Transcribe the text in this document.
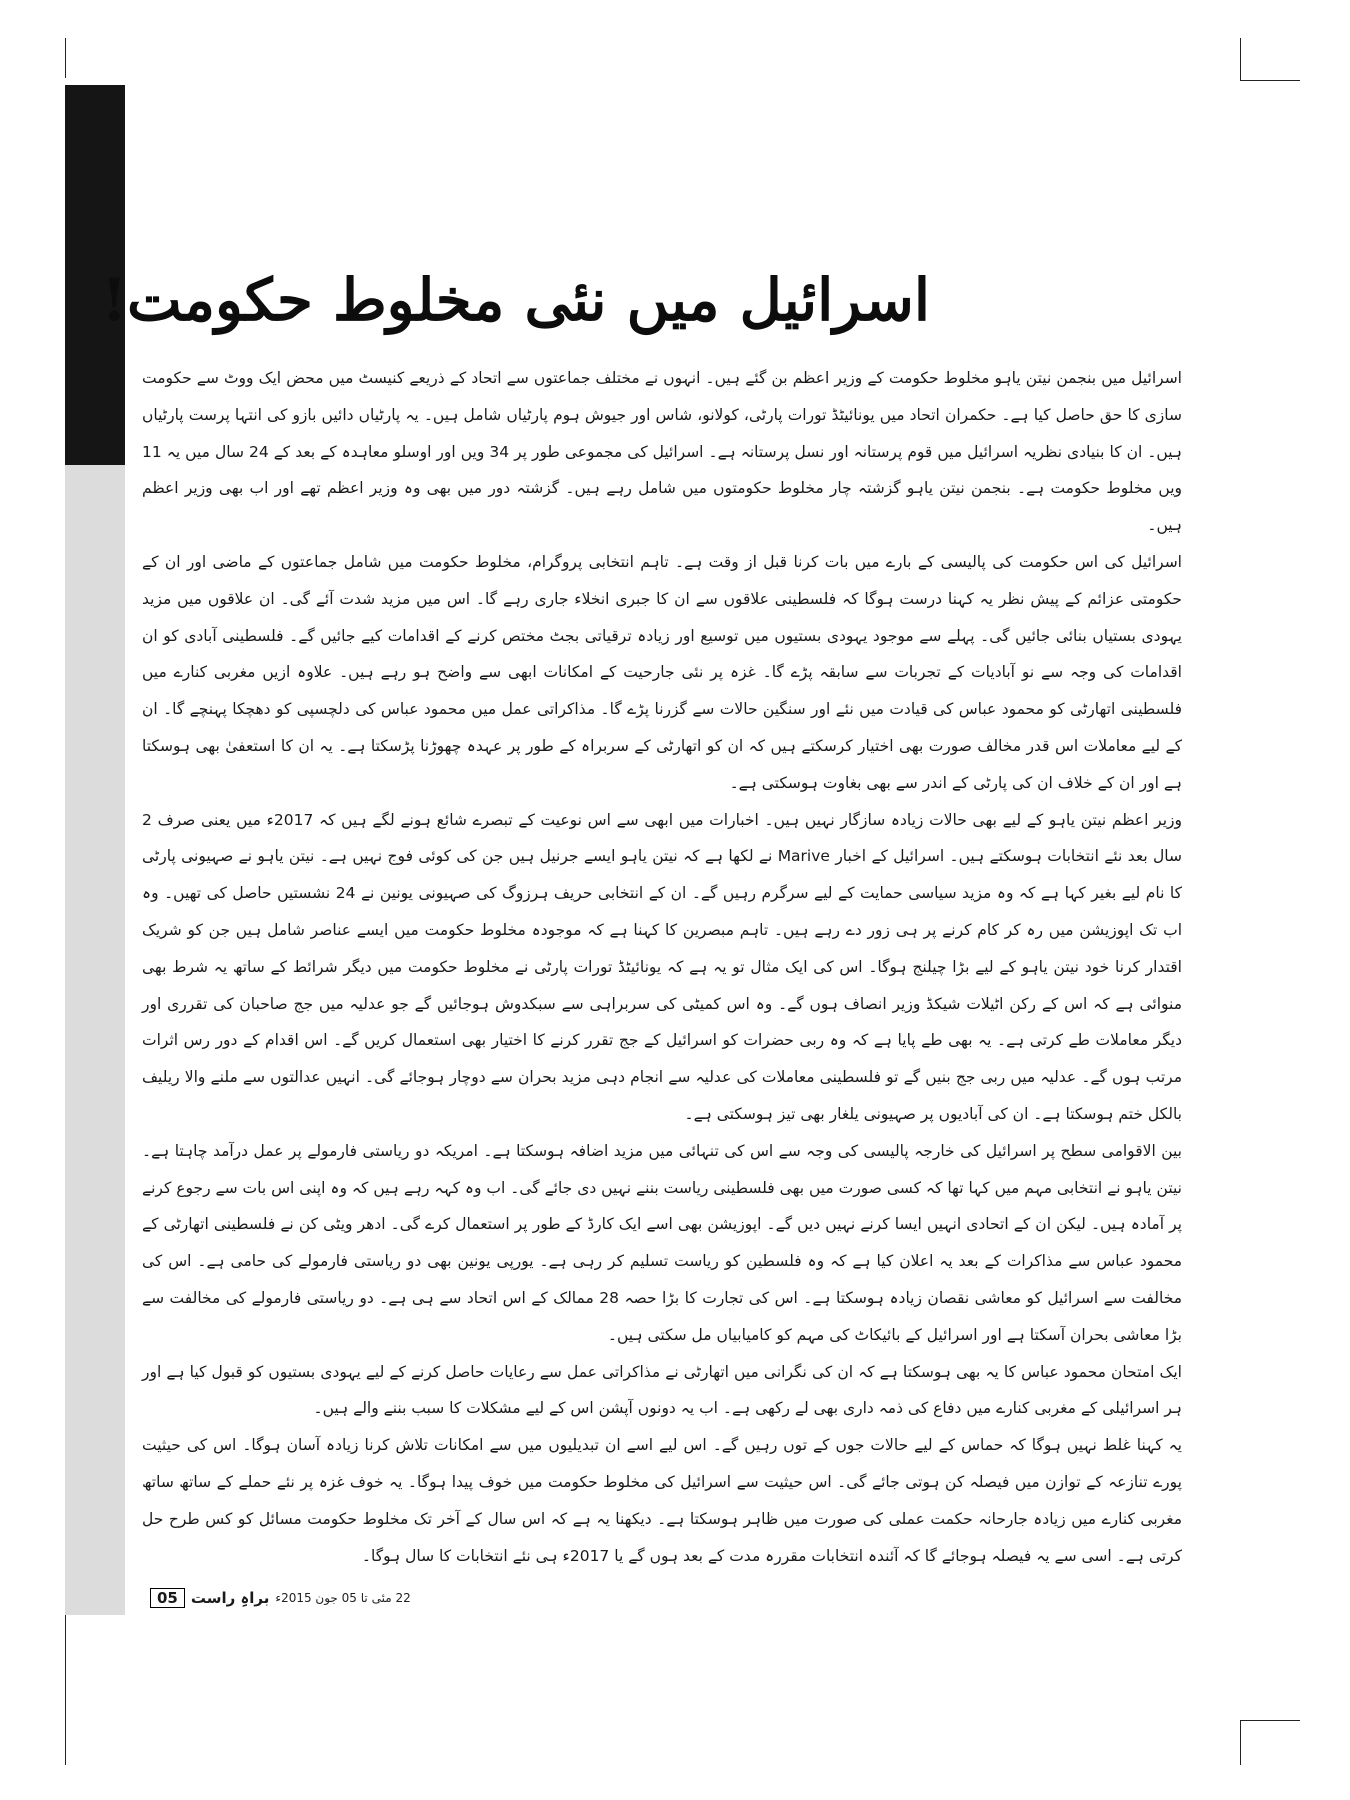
اسرائیل میں نئی مخلوط حکومت!

اسرائیل میں بنجمن نیتن یاہو مخلوط حکومت کے وزیر اعظم بن گئے ہیں۔ انہوں نے مختلف جماعتوں سے اتحاد کے ذریعے کنیسٹ میں محض ایک ووٹ سے حکومت سازی کا حق حاصل کیا ہے۔ حکمران اتحاد میں یونائیٹڈ تورات پارٹی، کولانو، شاس اور جیوش ہوم پارٹیاں شامل ہیں۔ یہ پارٹیاں دائیں بازو کی انتہا پرست پارٹیاں ہیں۔ ان کا بنیادی نظریہ اسرائیل میں قوم پرستانہ اور نسل پرستانہ ہے۔ اسرائیل کی مجموعی طور پر 34 ویں اور اوسلو معاہدہ کے بعد کے 24 سال میں یہ 11 ویں مخلوط حکومت ہے۔ بنجمن نیتن یاہو گزشتہ چار مخلوط حکومتوں میں شامل رہے ہیں۔ گزشتہ دور میں بھی وہ وزیر اعظم تھے اور اب بھی وزیر اعظم ہیں۔

اسرائیل کی اس حکومت کی پالیسی کے بارے میں بات کرنا قبل از وقت ہے۔ تاہم انتخابی پروگرام، مخلوط حکومت میں شامل جماعتوں کے ماضی اور ان کے حکومتی عزائم کے پیش نظر یہ کہنا درست ہوگا کہ فلسطینی علاقوں سے ان کا جبری انخلاء جاری رہے گا۔ اس میں مزید شدت آئے گی۔ ان علاقوں میں مزید یہودی بستیاں بنائی جائیں گی۔ پہلے سے موجود یہودی بستیوں میں توسیع اور زیادہ ترقیاتی بجٹ مختص کرنے کے اقدامات کیے جائیں گے۔ فلسطینی آبادی کو ان اقدامات کی وجہ سے نو آبادیات کے تجربات سے سابقہ پڑے گا۔ غزہ پر نئی جارحیت کے امکانات ابھی سے واضح ہو رہے ہیں۔ علاوہ ازیں مغربی کنارے میں فلسطینی اتھارٹی کو محمود عباس کی قیادت میں نئے اور سنگین حالات سے گزرنا پڑے گا۔ مذاکراتی عمل میں محمود عباس کی دلچسپی کو دھچکا پہنچے گا۔ ان کے لیے معاملات اس قدر مخالف صورت بھی اختیار کرسکتے ہیں کہ ان کو اتھارٹی کے سربراہ کے طور پر عہدہ چھوڑنا پڑسکتا ہے۔ یہ ان کا استعفیٰ بھی ہوسکتا ہے اور ان کے خلاف ان کی پارٹی کے اندر سے بھی بغاوت ہوسکتی ہے۔

وزیر اعظم نیتن یاہو کے لیے بھی حالات زیادہ سازگار نہیں ہیں۔ اخبارات میں ابھی سے اس نوعیت کے تبصرے شائع ہونے لگے ہیں کہ 2017ء میں یعنی صرف 2 سال بعد نئے انتخابات ہوسکتے ہیں۔ اسرائیل کے اخبار Marive نے لکھا ہے کہ نیتن یاہو ایسے جرنیل ہیں جن کی کوئی فوج نہیں ہے۔ نیتن یاہو نے صہیونی پارٹی کا نام لیے بغیر کہا ہے کہ وہ مزید سیاسی حمایت کے لیے سرگرم رہیں گے۔ ان کے انتخابی حریف ہرزوگ کی صہیونی یونین نے 24 نشستیں حاصل کی تھیں۔ وہ اب تک اپوزیشن میں رہ کر کام کرنے پر ہی زور دے رہے ہیں۔ تاہم مبصرین کا کہنا ہے کہ موجودہ مخلوط حکومت میں ایسے عناصر شامل ہیں جن کو شریک اقتدار کرنا خود نیتن یاہو کے لیے بڑا چیلنج ہوگا۔ اس کی ایک مثال تو یہ ہے کہ یونائیٹڈ تورات پارٹی نے مخلوط حکومت میں دیگر شرائط کے ساتھ یہ شرط بھی منوائی ہے کہ اس کے رکن اٹیلات شیکڈ وزیر انصاف ہوں گے۔ وہ اس کمیٹی کی سربراہی سے سبکدوش ہوجائیں گے جو عدلیہ میں جج صاحبان کی تقرری اور دیگر معاملات طے کرتی ہے۔ یہ بھی طے پایا ہے کہ وہ ربی حضرات کو اسرائیل کے جج تقرر کرنے کا اختیار بھی استعمال کریں گے۔ اس اقدام کے دور رس اثرات مرتب ہوں گے۔ عدلیہ میں ربی جج بنیں گے تو فلسطینی معاملات کی عدلیہ سے انجام دہی مزید بحران سے دوچار ہوجائے گی۔ انہیں عدالتوں سے ملنے والا ریلیف بالکل ختم ہوسکتا ہے۔ ان کی آبادیوں پر صہیونی یلغار بھی تیز ہوسکتی ہے۔

بین الاقوامی سطح پر اسرائیل کی خارجہ پالیسی کی وجہ سے اس کی تنہائی میں مزید اضافہ ہوسکتا ہے۔ امریکہ دو ریاستی فارمولے پر عمل درآمد چاہتا ہے۔ نیتن یاہو نے انتخابی مہم میں کہا تھا کہ کسی صورت میں بھی فلسطینی ریاست بننے نہیں دی جائے گی۔ اب وہ کہہ رہے ہیں کہ وہ اپنی اس بات سے رجوع کرنے پر آمادہ ہیں۔ لیکن ان کے اتحادی انہیں ایسا کرنے نہیں دیں گے۔ اپوزیشن بھی اسے ایک کارڈ کے طور پر استعمال کرے گی۔ ادھر ویٹی کن نے فلسطینی اتھارٹی کے محمود عباس سے مذاکرات کے بعد یہ اعلان کیا ہے کہ وہ فلسطین کو ریاست تسلیم کر رہی ہے۔ یورپی یونین بھی دو ریاستی فارمولے کی حامی ہے۔ اس کی مخالفت سے اسرائیل کو معاشی نقصان زیادہ ہوسکتا ہے۔ اس کی تجارت کا بڑا حصہ 28 ممالک کے اس اتحاد سے ہی ہے۔ دو ریاستی فارمولے کی مخالفت سے بڑا معاشی بحران آسکتا ہے اور اسرائیل کے بائیکاٹ کی مہم کو کامیابیاں مل سکتی ہیں۔

ایک امتحان محمود عباس کا یہ بھی ہوسکتا ہے کہ ان کی نگرانی میں اتھارٹی نے مذاکراتی عمل سے رعایات حاصل کرنے کے لیے یہودی بستیوں کو قبول کیا ہے اور ہر اسرائیلی کے مغربی کنارے میں دفاع کی ذمہ داری بھی لے رکھی ہے۔ اب یہ دونوں آپشن اس کے لیے مشکلات کا سبب بننے والے ہیں۔

یہ کہنا غلط نہیں ہوگا کہ حماس کے لیے حالات جوں کے توں رہیں گے۔ اس لیے اسے ان تبدیلیوں میں سے امکانات تلاش کرنا زیادہ آسان ہوگا۔ اس کی حیثیت پورے تنازعہ کے توازن میں فیصلہ کن ہوتی جائے گی۔ اس حیثیت سے اسرائیل کی مخلوط حکومت میں خوف پیدا ہوگا۔ یہ خوف غزہ پر نئے حملے کے ساتھ ساتھ مغربی کنارے میں زیادہ جارحانہ حکمت عملی کی صورت میں ظاہر ہوسکتا ہے۔ دیکھنا یہ ہے کہ اس سال کے آخر تک مخلوط حکومت مسائل کو کس طرح حل کرتی ہے۔ اسی سے یہ فیصلہ ہوجائے گا کہ آئندہ انتخابات مقررہ مدت کے بعد ہوں گے یا 2017ء ہی نئے انتخابات کا سال ہوگا۔

05 براہِ راست 22 مئی تا 05 جون 2015ء
